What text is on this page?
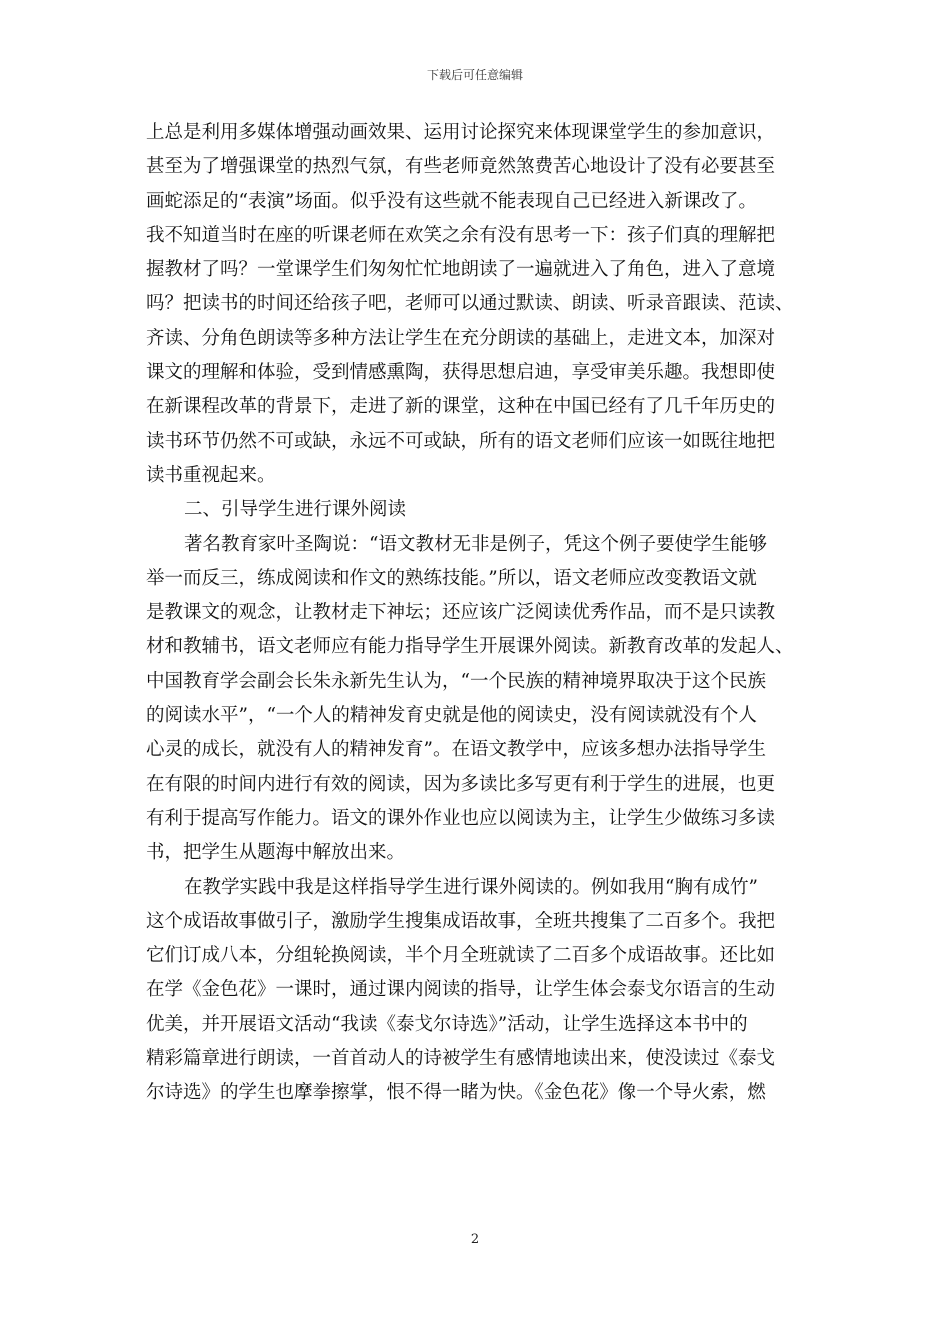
下载后可任意编辑
上总是利用多媒体增强动画效果、运用讨论探究来体现课堂学生的参加意识，
甚至为了增强课堂的热烈气氛，有些老师竟然煞费苦心地设计了没有必要甚至
画蛇添足的“表演”场面。似乎没有这些就不能表现自己已经进入新课改了。
我不知道当时在座的听课老师在欢笑之余有没有思考一下：孩子们真的理解把
握教材了吗？一堂课学生们匆匆忙忙地朗读了一遍就进入了角色，进入了意境
吗？把读书的时间还给孩子吧，老师可以通过默读、朗读、听录音跟读、范读、
齐读、分角色朗读等多种方法让学生在充分朗读的基础上，走进文本，加深对
课文的理解和体验，受到情感熏陶，获得思想启迪，享受审美乐趣。我想即使
在新课程改革的背景下，走进了新的课堂，这种在中国已经有了几千年历史的
读书环节仍然不可或缺，永远不可或缺，所有的语文老师们应该一如既往地把
读书重视起来。
二、引导学生进行课外阅读
著名教育家叶圣陶说：“语文教材无非是例子，凭这个例子要使学生能够
举一而反三，练成阅读和作文的熟练技能。”所以，语文老师应改变教语文就
是教课文的观念，让教材走下神坛；还应该广泛阅读优秀作品，而不是只读教
材和教辅书，语文老师应有能力指导学生开展课外阅读。新教育改革的发起人、
中国教育学会副会长朱永新先生认为，“一个民族的精神境界取决于这个民族
的阅读水平”，“一个人的精神发育史就是他的阅读史，没有阅读就没有个人
心灵的成长，就没有人的精神发育”。在语文教学中，应该多想办法指导学生
在有限的时间内进行有效的阅读，因为多读比多写更有利于学生的进展，也更
有利于提高写作能力。语文的课外作业也应以阅读为主，让学生少做练习多读
书，把学生从题海中解放出来。
在教学实践中我是这样指导学生进行课外阅读的。例如我用“胸有成竹”
这个成语故事做引子，激励学生搜集成语故事，全班共搜集了二百多个。我把
它们订成八本，分组轮换阅读，半个月全班就读了二百多个成语故事。还比如
在学《金色花》一课时，通过课内阅读的指导，让学生体会泰戈尔语言的生动
优美，并开展语文活动“我读《泰戈尔诗选》”活动，让学生选择这本书中的
精彩篇章进行朗读，一首首动人的诗被学生有感情地读出来，使没读过《泰戈
尔诗选》的学生也摩拳擦掌，恨不得一睹为快。《金色花》像一个导火索，燃
2
